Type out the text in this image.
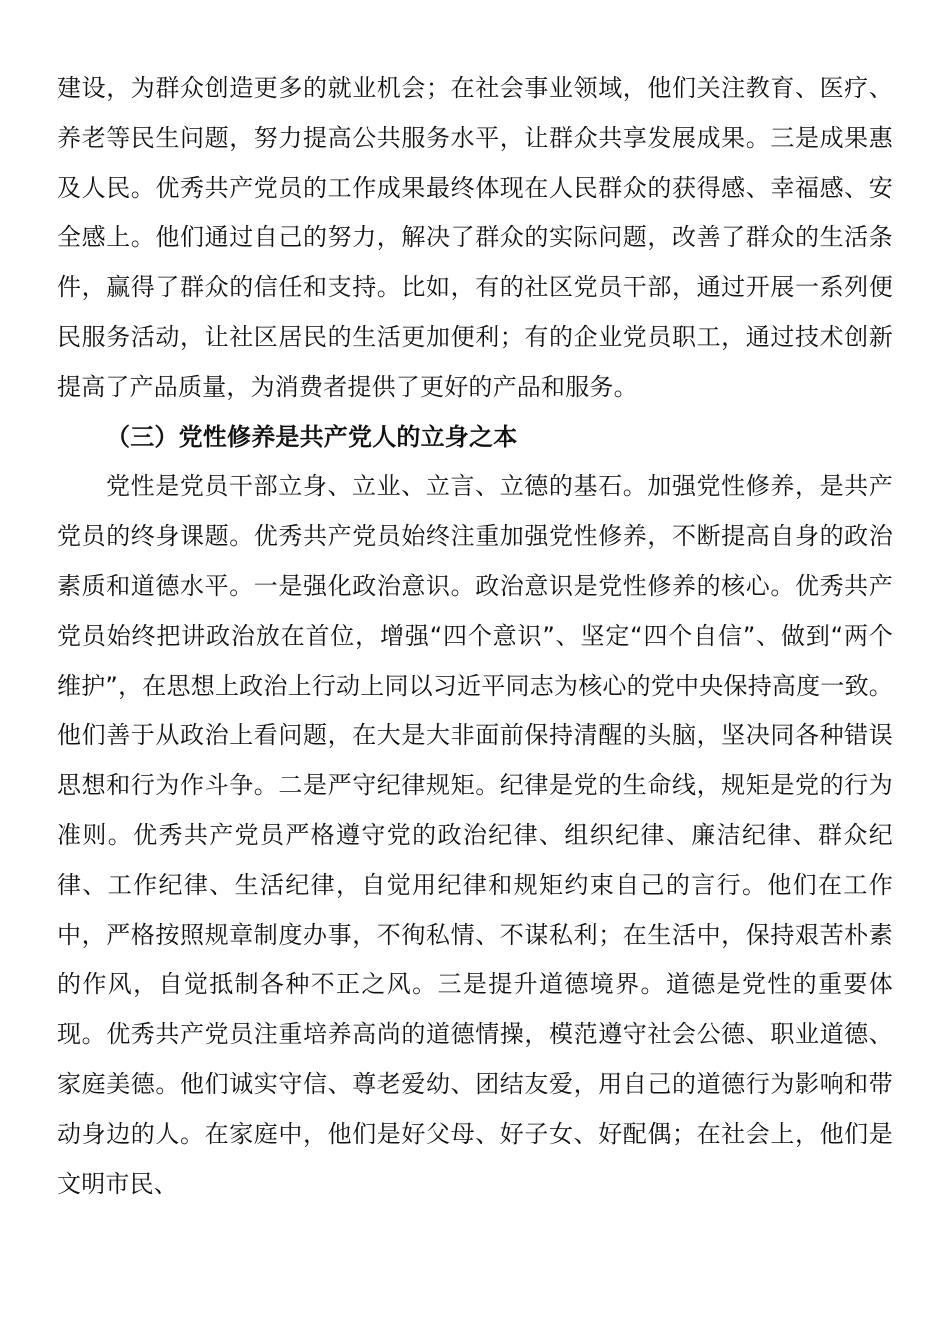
建设，为群众创造更多的就业机会；在社会事业领域，他们关注教育、医疗、养老等民生问题，努力提高公共服务水平，让群众共享发展成果。三是成果惠及人民。优秀共产党员的工作成果最终体现在人民群众的获得感、幸福感、安全感上。他们通过自己的努力，解决了群众的实际问题，改善了群众的生活条件，赢得了群众的信任和支持。比如，有的社区党员干部，通过开展一系列便民服务活动，让社区居民的生活更加便利；有的企业党员职工，通过技术创新提高了产品质量，为消费者提供了更好的产品和服务。

（三）党性修养是共产党人的立身之本

党性是党员干部立身、立业、立言、立德的基石。加强党性修养，是共产党员的终身课题。优秀共产党员始终注重加强党性修养，不断提高自身的政治素质和道德水平。一是强化政治意识。政治意识是党性修养的核心。优秀共产党员始终把讲政治放在首位，增强“四个意识”、坚定“四个自信”、做到“两个维护”，在思想上政治上行动上同以习近平同志为核心的党中央保持高度一致。他们善于从政治上看问题，在大是大非面前保持清醒的头脑，坚决同各种错误思想和行为作斗争。二是严守纪律规矩。纪律是党的生命线，规矩是党的行为准则。优秀共产党员严格遵守党的政治纪律、组织纪律、廉洁纪律、群众纪律、工作纪律、生活纪律，自觉用纪律和规矩约束自己的言行。他们在工作中，严格按照规章制度办事，不徇私情、不谋私利；在生活中，保持艰苦朴素的作风，自觉抵制各种不正之风。三是提升道德境界。道德是党性的重要体现。优秀共产党员注重培养高尚的道德情操，模范遵守社会公德、职业道德、家庭美德。他们诚实守信、尊老爱幼、团结友爱，用自己的道德行为影响和带动身边的人。在家庭中，他们是好父母、好子女、好配偶；在社会上，他们是文明市民、
